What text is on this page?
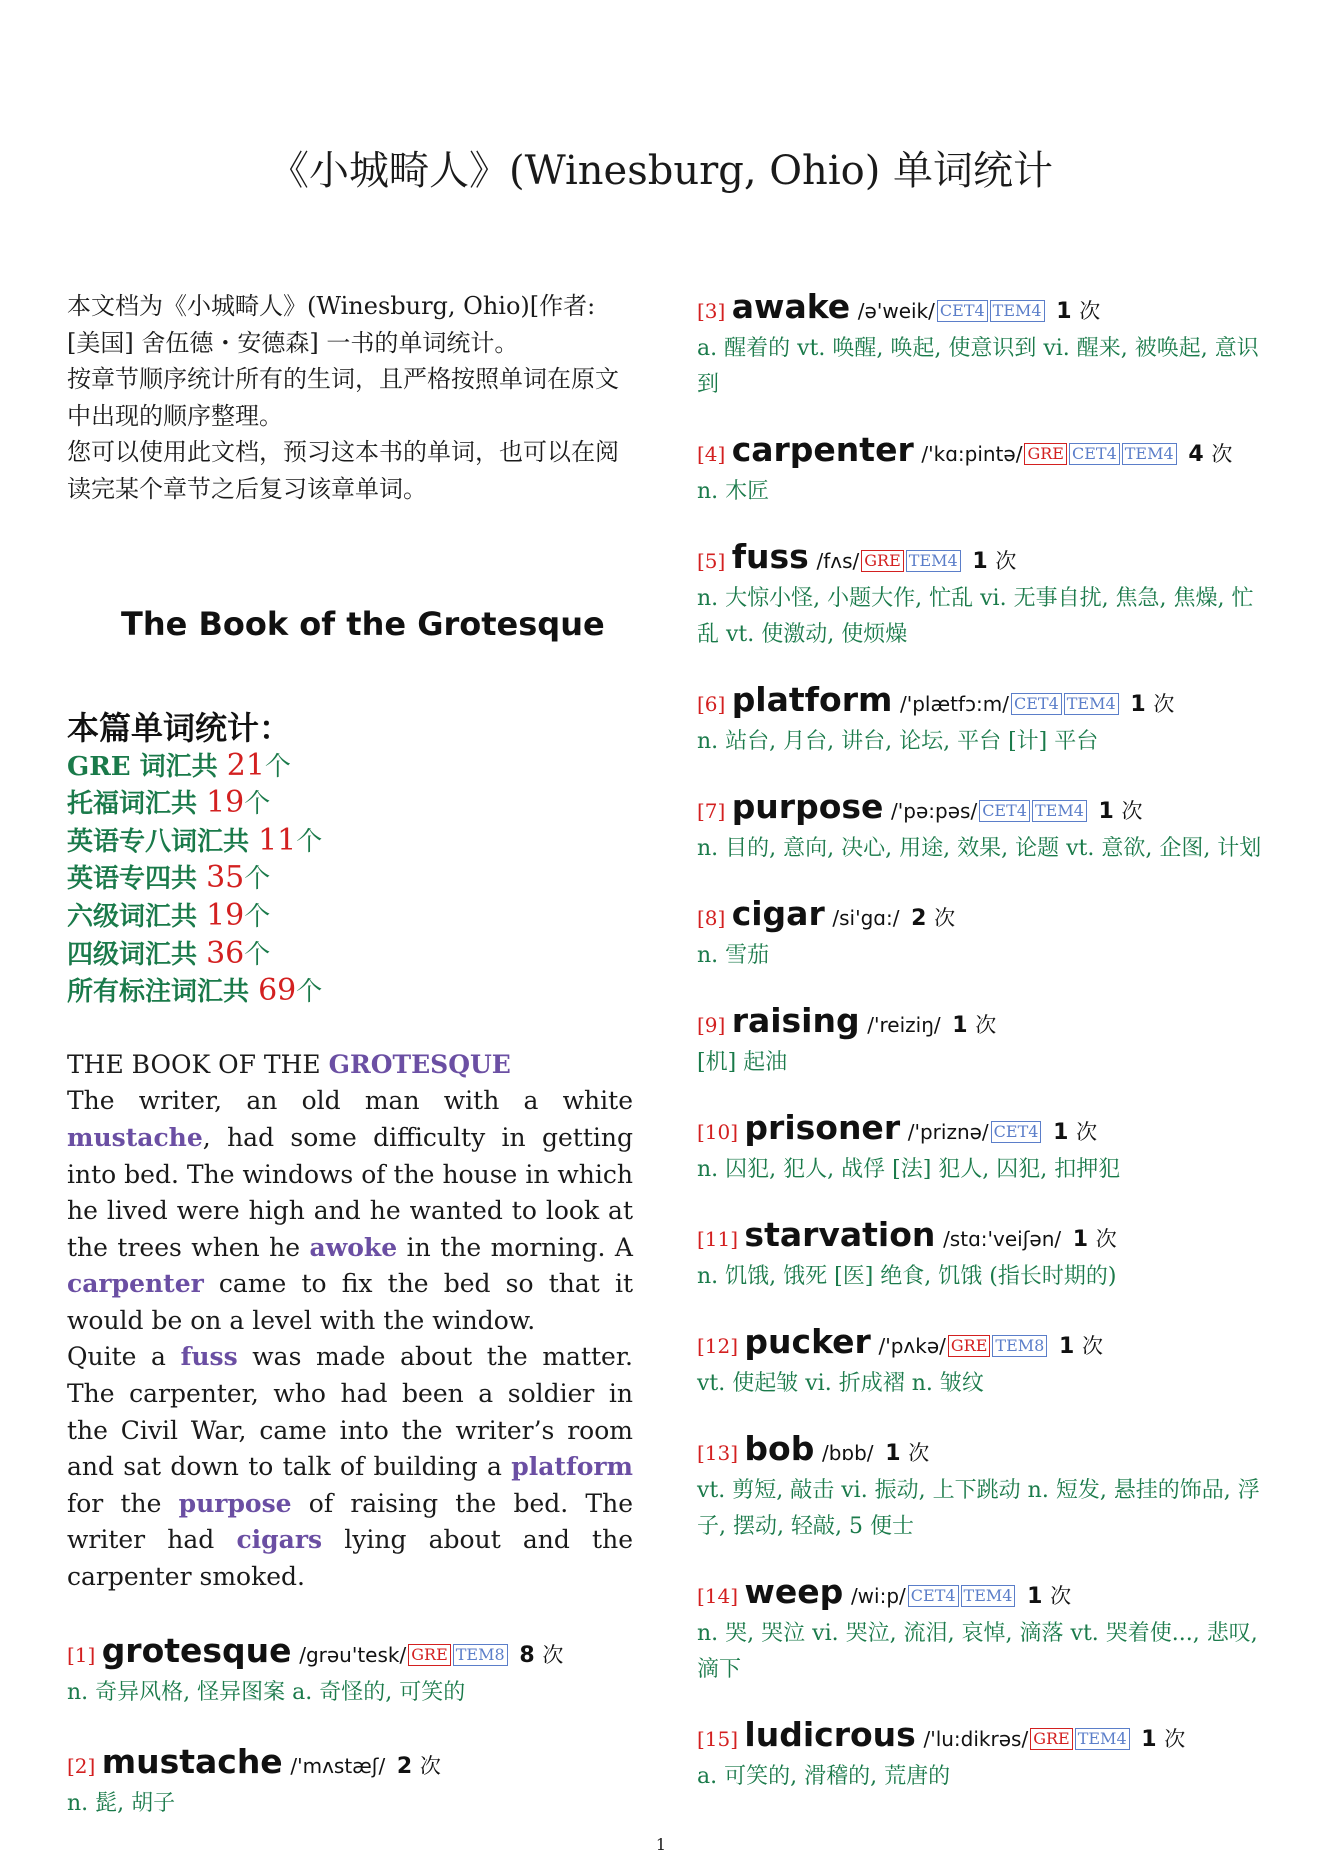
《小城畸人》(Winesburg, Ohio) 单词统计

本文档为《小城畸人》(Winesburg, Ohio)[作者: [美国] 舍伍德・安德森] 一书的单词统计。

按章节顺序统计所有的生词，且严格按照单词在原文中出现的顺序整理。

您可以使用此文档，预习这本书的单词，也可以在阅读完某个章节之后复习该章单词。

The Book of the Grotesque
本篇单词统计：
GRE 词汇共 21个
托福词汇共 19个
英语专八词汇共 11个
英语专四共 35个
六级词汇共 19个
四级词汇共 36个
所有标注词汇共 69个

THE BOOK OF THE GROTESQUE

The writer, an old man with a white mustache, had some difficulty in getting into bed. The windows of the house in which he lived were high and he wanted to look at the trees when he awoke in the morning. A carpenter came to fix the bed so that it would be on a level with the window.

Quite a fuss was made about the matter. The carpenter, who had been a soldier in the Civil War, came into the writer’s room and sat down to talk of building a platform for the purpose of raising the bed. The writer had cigars lying about and the carpenter smoked.

[1] grotesque /grəu'tesk/ GRE TEM8 8 次
n. 奇异风格, 怪异图案 a. 奇怪的, 可笑的
[2] mustache /'mʌstæʃ/ 2 次
n. 髭, 胡子
[3] awake /ə'weik/ CET4 TEM4 1 次
a. 醒着的 vt. 唤醒, 唤起, 使意识到 vi. 醒来, 被唤起, 意识到
[4] carpenter /'kɑ:pintə/ GRE CET4 TEM4 4 次
n. 木匠
[5] fuss /fʌs/ GRE TEM4 1 次
n. 大惊小怪, 小题大作, 忙乱 vi. 无事自扰, 焦急, 焦燥, 忙乱 vt. 使激动, 使烦燥
[6] platform /'plætfɔ:m/ CET4 TEM4 1 次
n. 站台, 月台, 讲台, 论坛, 平台 [计] 平台
[7] purpose /'pə:pəs/ CET4 TEM4 1 次
n. 目的, 意向, 决心, 用途, 效果, 论题 vt. 意欲, 企图, 计划
[8] cigar /si'gɑ:/ 2 次
n. 雪茄
[9] raising /'reiziŋ/ 1 次
[机] 起油
[10] prisoner /'priznə/ CET4 1 次
n. 囚犯, 犯人, 战俘 [法] 犯人, 囚犯, 扣押犯
[11] starvation /stɑ:'veiʃən/ 1 次
n. 饥饿, 饿死 [医] 绝食, 饥饿 (指长时期的)
[12] pucker /'pʌkə/ GRE TEM8 1 次
vt. 使起皱 vi. 折成褶 n. 皱纹
[13] bob /bɒb/ 1 次
vt. 剪短, 敲击 vi. 振动, 上下跳动 n. 短发, 悬挂的饰品, 浮子, 摆动, 轻敲, 5 便士
[14] weep /wi:p/ CET4 TEM4 1 次
n. 哭, 哭泣 vi. 哭泣, 流泪, 哀悼, 滴落 vt. 哭着使..., 悲叹, 滴下
[15] ludicrous /'lu:dikrəs/ GRE TEM4 1 次
a. 可笑的, 滑稽的, 荒唐的
1
